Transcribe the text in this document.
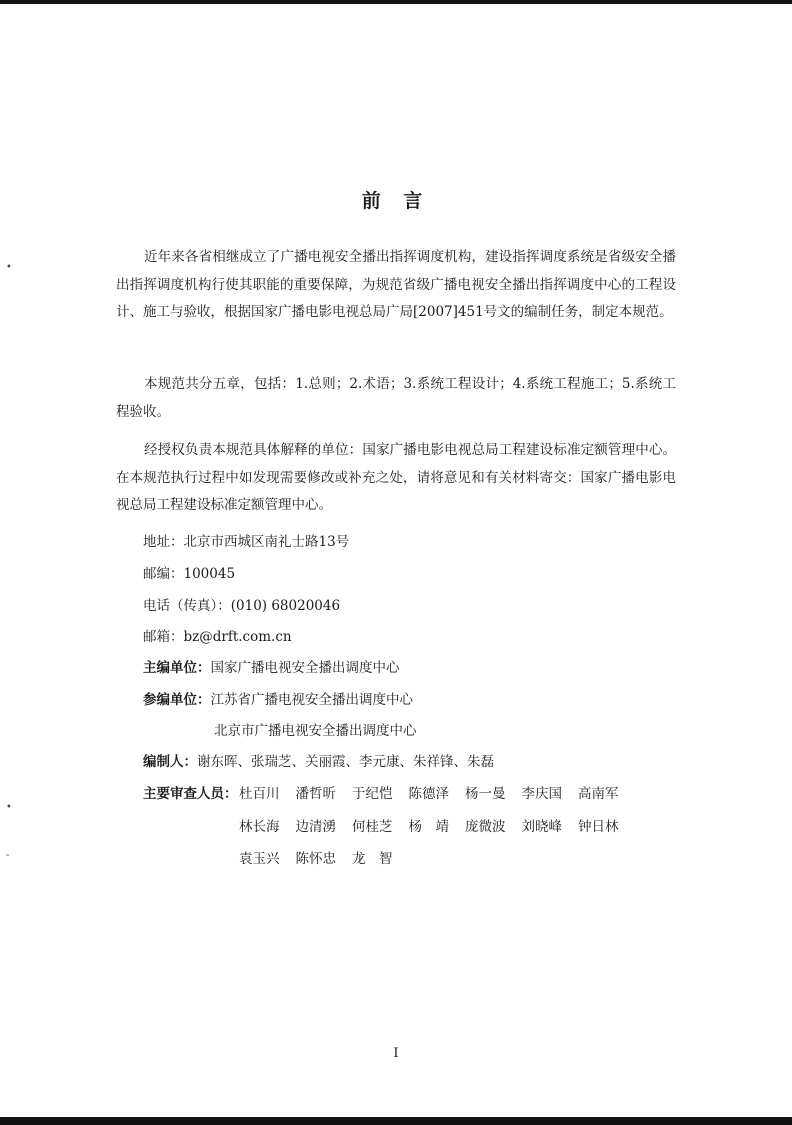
•
•
-
前 言
近年来各省相继成立了广播电视安全播出指挥调度机构，建设指挥调度系统是省级安全播出指挥调度机构行使其职能的重要保障，为规范省级广播电视安全播出指挥调度中心的工程设计、施工与验收，根据国家广播电影电视总局广局[2007]451号文的编制任务，制定本规范。
本规范共分五章，包括：1.总则；2.术语；3.系统工程设计；4.系统工程施工；5.系统工程验收。
经授权负责本规范具体解释的单位：国家广播电影电视总局工程建设标准定额管理中心。在本规范执行过程中如发现需要修改或补充之处，请将意见和有关材料寄交：国家广播电影电视总局工程建设标准定额管理中心。
地址：北京市西城区南礼士路13号
邮编：100045
电话（传真）：(010) 68020046
邮箱：bz@drft.com.cn
主编单位：国家广播电视安全播出调度中心
参编单位：江苏省广播电视安全播出调度中心
北京市广播电视安全播出调度中心
编制人：谢东晖、张瑞芝、关丽霞、李元康、朱祥锋、朱磊
主要审查人员： 杜百川 潘哲昕 于纪恺 陈德泽 杨一曼 李庆国 高南军
林长海 边清湧 何桂芝 杨　靖 庞微波 刘晓峰 钟日林
袁玉兴 陈怀忠 龙　智
I
